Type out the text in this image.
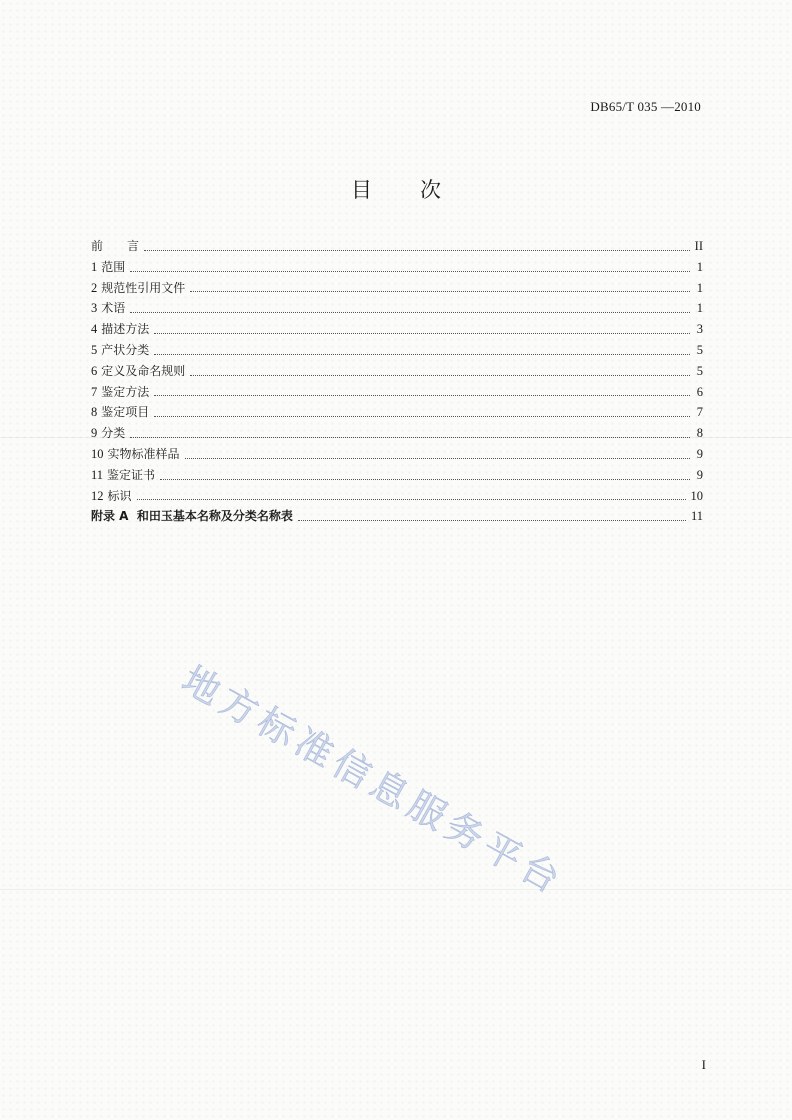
DB65/T 035 —2010
目次
前　　言	II
1 范围	1
2 规范性引用文件	1
3 术语	1
4 描述方法	3
5 产状分类	5
6 定义及命名规则	5
7 鉴定方法	6
8 鉴定项目	7
9 分类	8
10 实物标准样品	9
11 鉴定证书	9
12 标识	10
附录 A  和田玉基本名称及分类名称表	11
地方标准信息服务平台
I
